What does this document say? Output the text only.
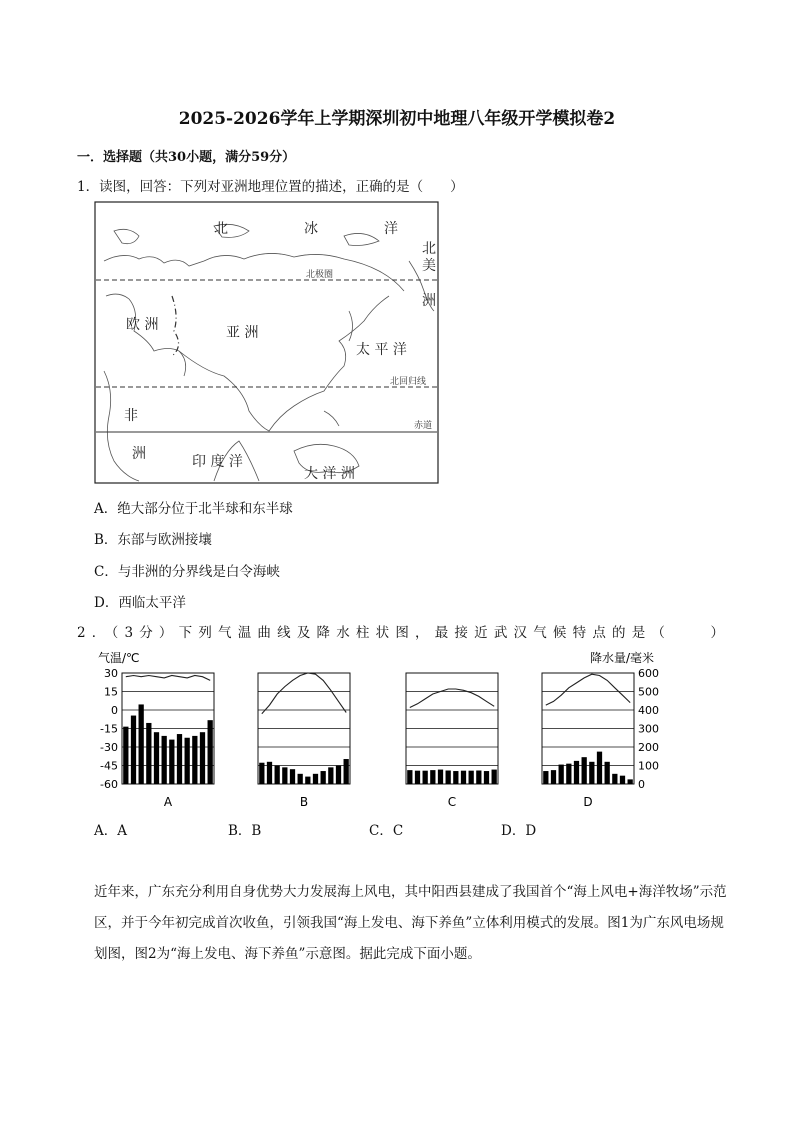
2025-2026学年上学期深圳初中地理八年级开学模拟卷2
一．选择题（共30小题，满分59分）
1．读图，回答：下列对亚洲地理位置的描述，正确的是（　　）
北	冰	洋
北
美
洲
欧 洲	亚 洲
太 平 洋
非
洲	印 度 洋
大 洋 洲
北极圈
北回归线
赤道
A．绝大部分位于北半球和东半球
B．东部与欧洲接壤
C．与非洲的分界线是白令海峡
D．西临太平洋
2．（3分）下列气温曲线及降水柱状图，最接近武汉气候特点的是（　　）
气温/℃	降水量/毫米
30
15
0
-15
-30
-45
-60
600
500
400
300
200
100
0
A	B	C	D
A．A	B．B	C．C	D．D
近年来，广东充分利用自身优势大力发展海上风电，其中阳西县建成了我国首个“海上风电+海洋牧场”示范区，并于今年初完成首次收鱼，引领我国“海上发电、海下养鱼”立体利用模式的发展。图1为广东风电场规划图，图2为“海上发电、海下养鱼”示意图。据此完成下面小题。
